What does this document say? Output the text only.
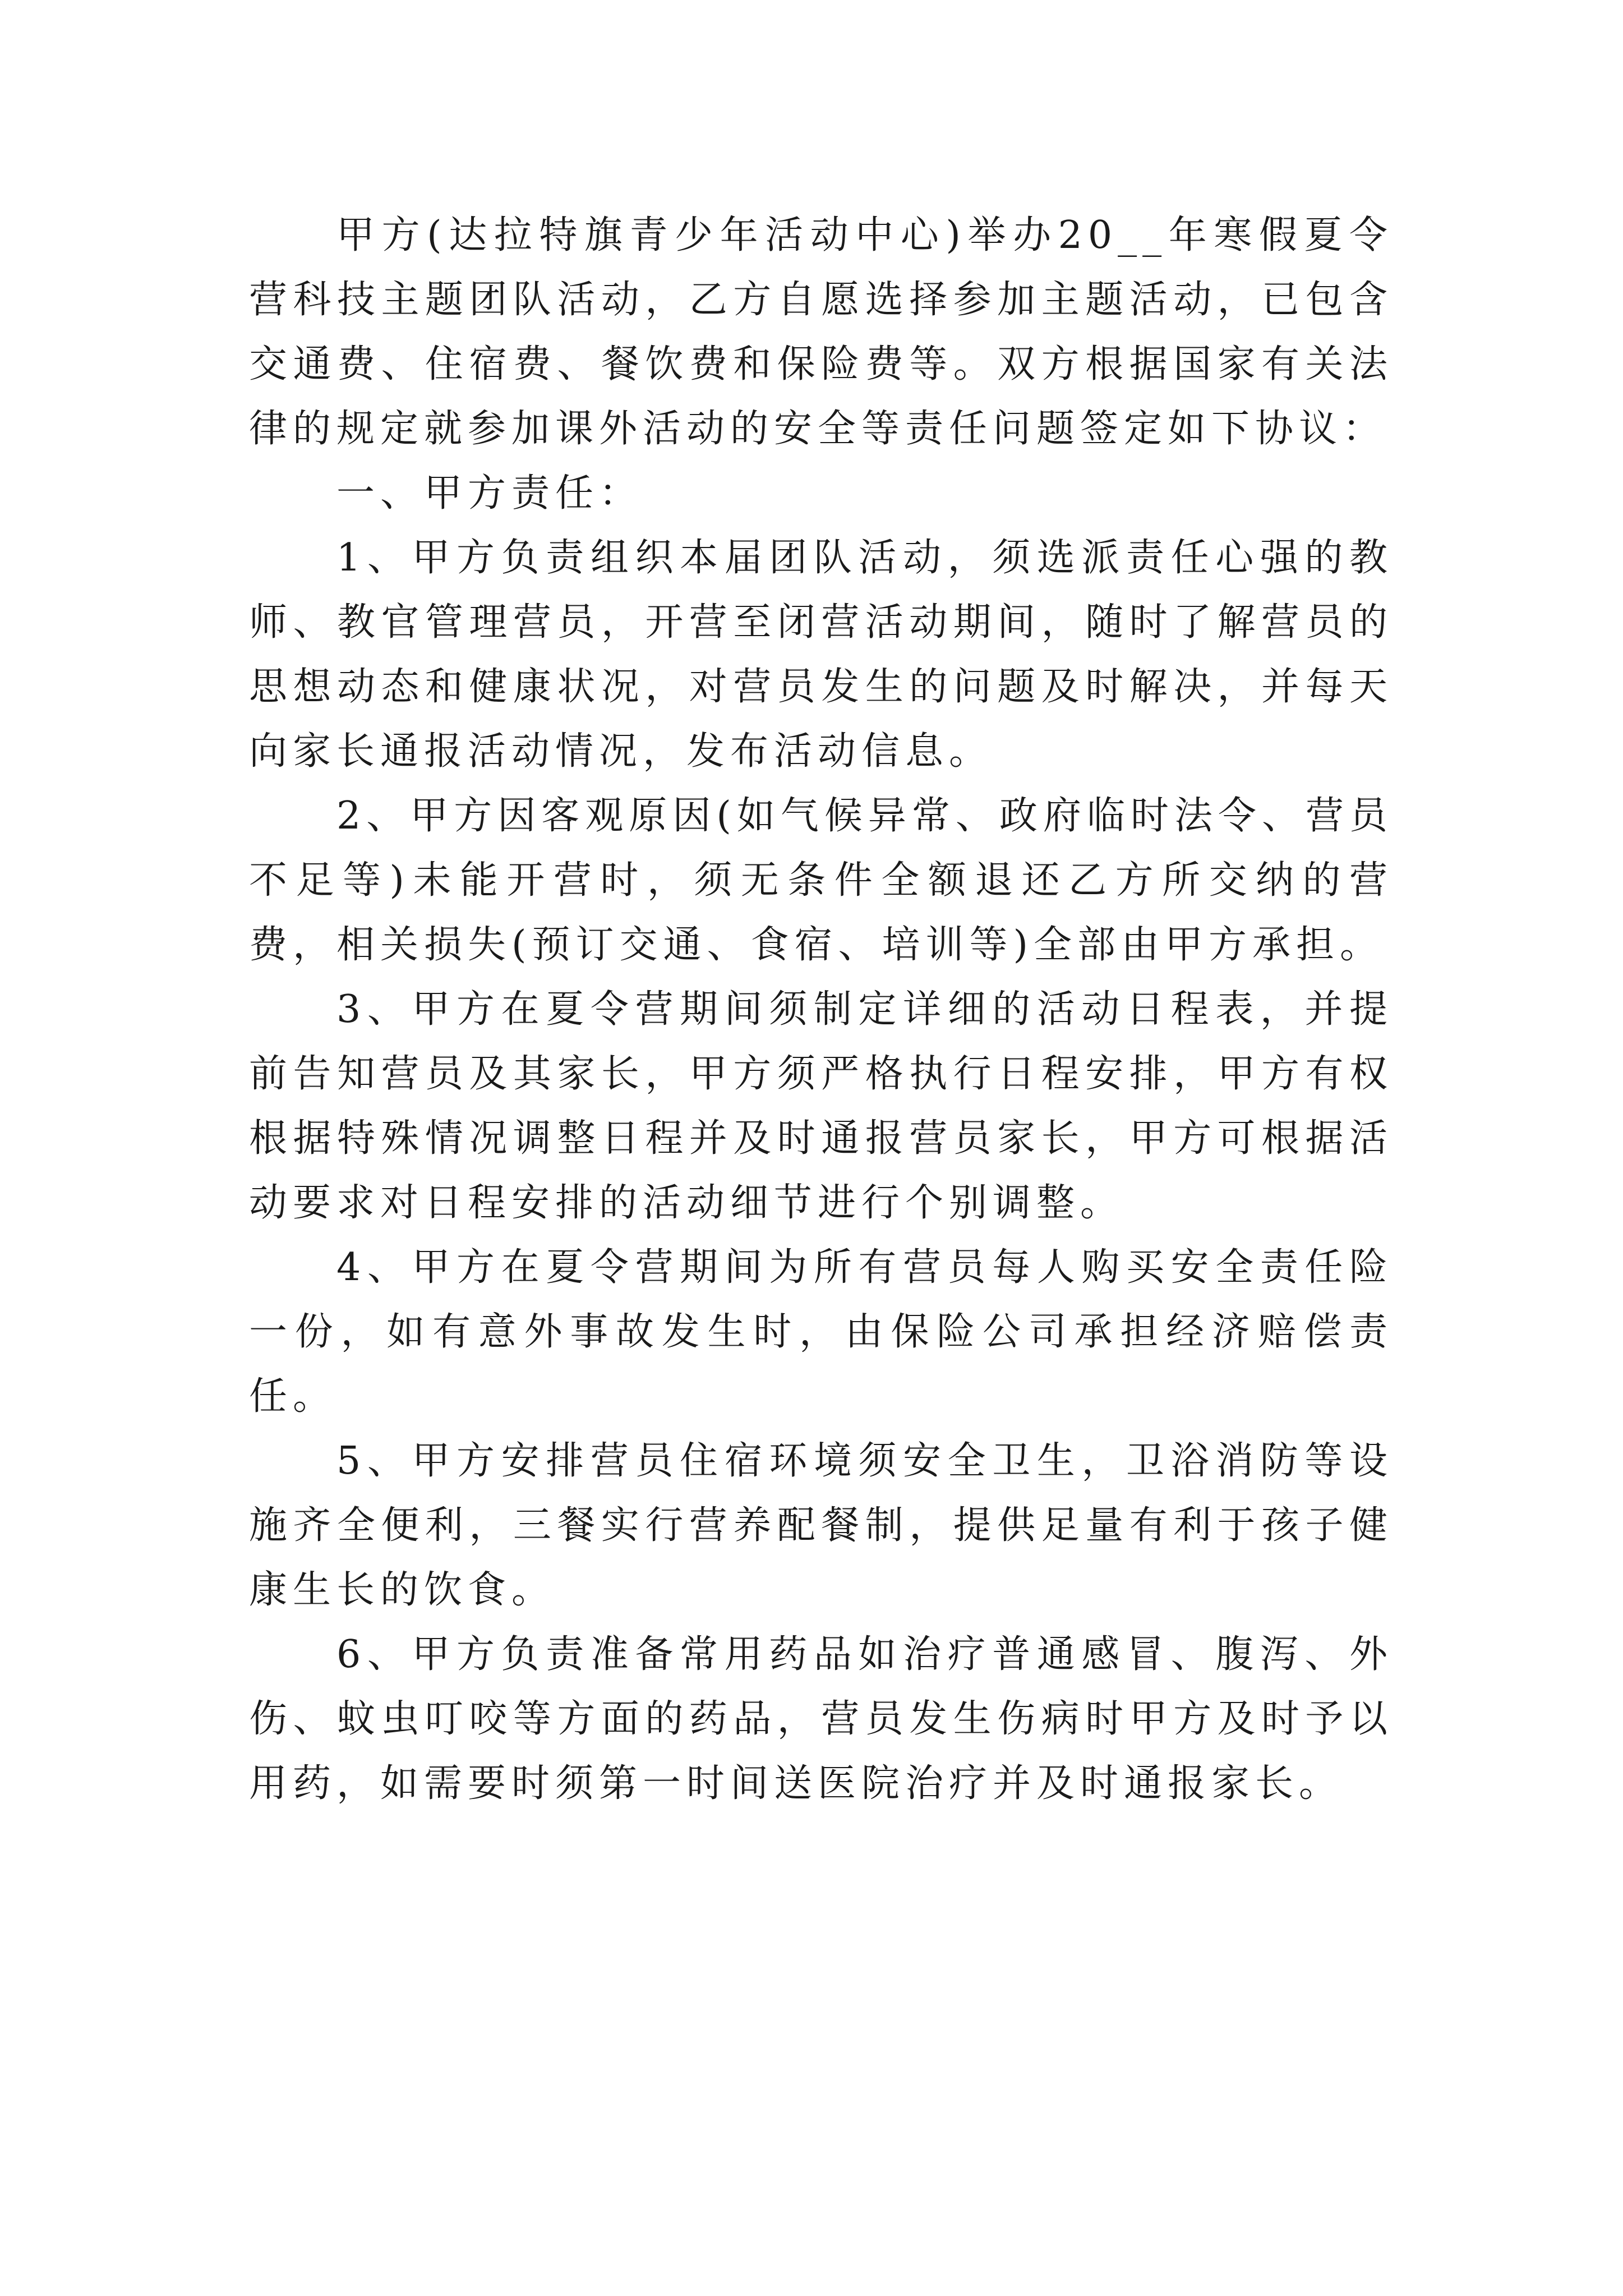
甲方(达拉特旗青少年活动中心)举办20__年寒假夏令营科技主题团队活动，乙方自愿选择参加主题活动，已包含交通费、住宿费、餐饮费和保险费等。双方根据国家有关法律的规定就参加课外活动的安全等责任问题签定如下协议：

一、甲方责任：

1、甲方负责组织本届团队活动，须选派责任心强的教师、教官管理营员，开营至闭营活动期间，随时了解营员的思想动态和健康状况，对营员发生的问题及时解决，并每天向家长通报活动情况，发布活动信息。

2、甲方因客观原因(如气候异常、政府临时法令、营员不足等)未能开营时，须无条件全额退还乙方所交纳的营费，相关损失(预订交通、食宿、培训等)全部由甲方承担。

3、甲方在夏令营期间须制定详细的活动日程表，并提前告知营员及其家长，甲方须严格执行日程安排，甲方有权根据特殊情况调整日程并及时通报营员家长，甲方可根据活动要求对日程安排的活动细节进行个别调整。

4、甲方在夏令营期间为所有营员每人购买安全责任险一份，如有意外事故发生时，由保险公司承担经济赔偿责任。

5、甲方安排营员住宿环境须安全卫生，卫浴消防等设施齐全便利，三餐实行营养配餐制，提供足量有利于孩子健康生长的饮食。

6、甲方负责准备常用药品如治疗普通感冒、腹泻、外伤、蚊虫叮咬等方面的药品，营员发生伤病时甲方及时予以用药，如需要时须第一时间送医院治疗并及时通报家长。
